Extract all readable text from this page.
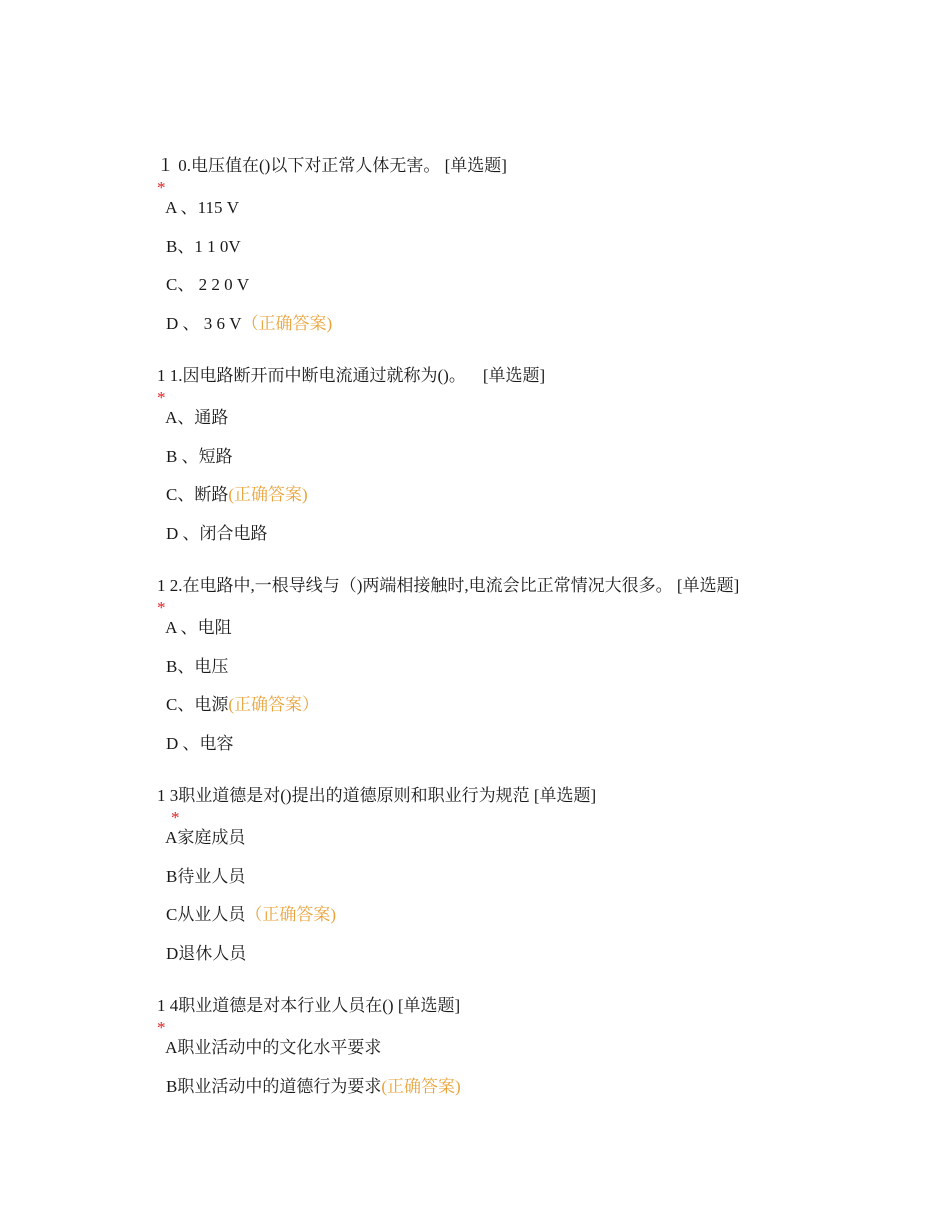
１ 0.电压值在()以下对正常人体无害。 [单选题]
*

A 、115 V

B、1 1 0V

C、 2 2 0 V

D 、 3 6 V（正确答案)

1 1.因电路断开而中断电流通过就称为()。    [单选题]
*

A、通路

B 、短路

C、断路(正确答案)

D 、闭合电路

1 2.在电路中,一根导线与（)两端相接触时,电流会比正常情况大很多。 [单选题]
*

A 、电阻

B、电压

C、电源(正确答案）

D 、电容

1 3职业道德是对()提出的道德原则和职业行为规范 [单选题]
*

A家庭成员

B待业人员

C从业人员（正确答案)

D退休人员

1 4职业道德是对本行业人员在() [单选题]
*

A职业活动中的文化水平要求

B职业活动中的道德行为要求(正确答案)
